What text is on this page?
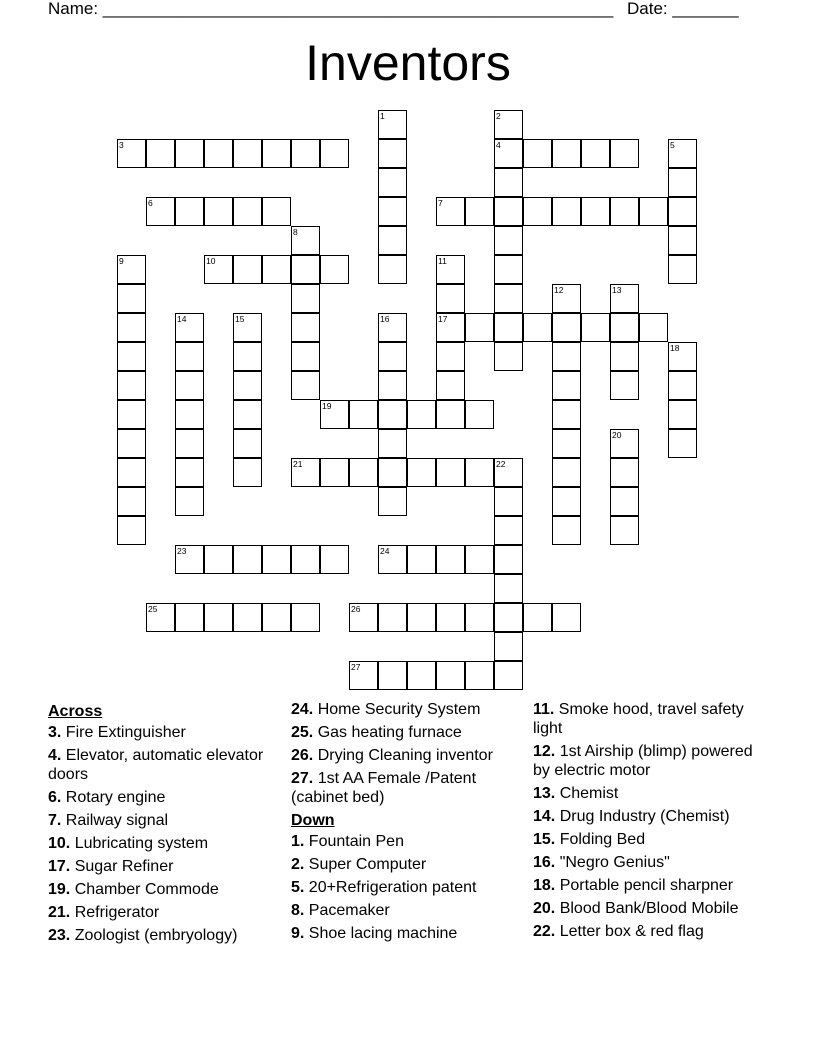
Name: ______________________________________________________ Date: _______
Inventors
1	2
4
3	5
6	7
8
9	10	11
17
12	13
14	15	16
18
19
20
21	22
23	24
25	26
27
Across
3. Fire Extinguisher
4. Elevator, automatic elevator doors
6. Rotary engine
7. Railway signal
10. Lubricating system
17. Sugar Refiner
19. Chamber Commode
21. Refrigerator
23. Zoologist (embryology)
24. Home Security System
25. Gas heating furnace
26. Drying Cleaning inventor
27. 1st AA Female /Patent (cabinet bed)
Down
1. Fountain Pen
2. Super Computer
5. 20+Refrigeration patent
8. Pacemaker
9. Shoe lacing machine
11. Smoke hood, travel safety light
12. 1st Airship (blimp) powered by electric motor
13. Chemist
14. Drug Industry (Chemist)
15. Folding Bed
16. "Negro Genius"
18. Portable pencil sharpner
20. Blood Bank/Blood Mobile
22. Letter box & red flag
